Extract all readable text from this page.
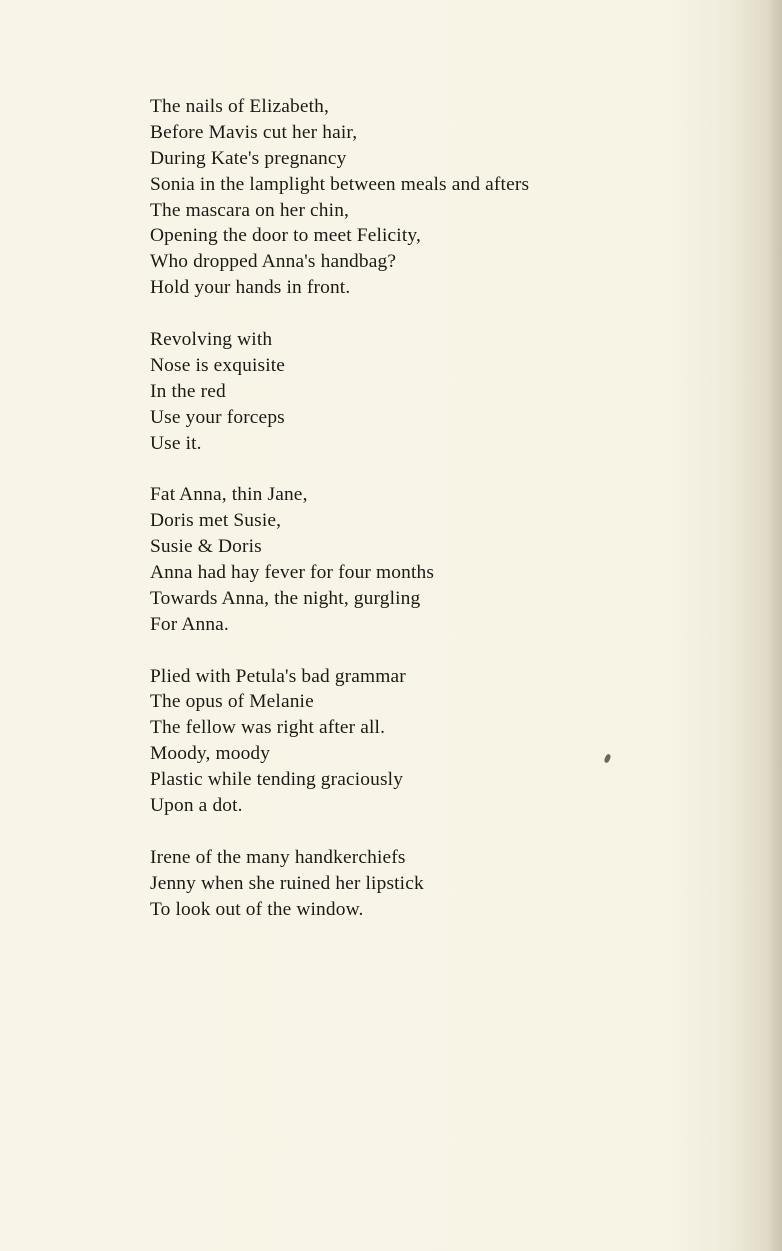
The nails of Elizabeth,
Before Mavis cut her hair,
During Kate's pregnancy
Sonia in the lamplight between meals and afters
The mascara on her chin,
Opening the door to meet Felicity,
Who dropped Anna's handbag?
Hold your hands in front.
Revolving with
Nose is exquisite
In the red
Use your forceps
Use it.
Fat Anna, thin Jane,
Doris met Susie,
Susie & Doris
Anna had hay fever for four months
Towards Anna, the night, gurgling
For Anna.
Plied with Petula's bad grammar
The opus of Melanie
The fellow was right after all.
Moody, moody
Plastic while tending graciously
Upon a dot.
Irene of the many handkerchiefs
Jenny when she ruined her lipstick
To look out of the window.
